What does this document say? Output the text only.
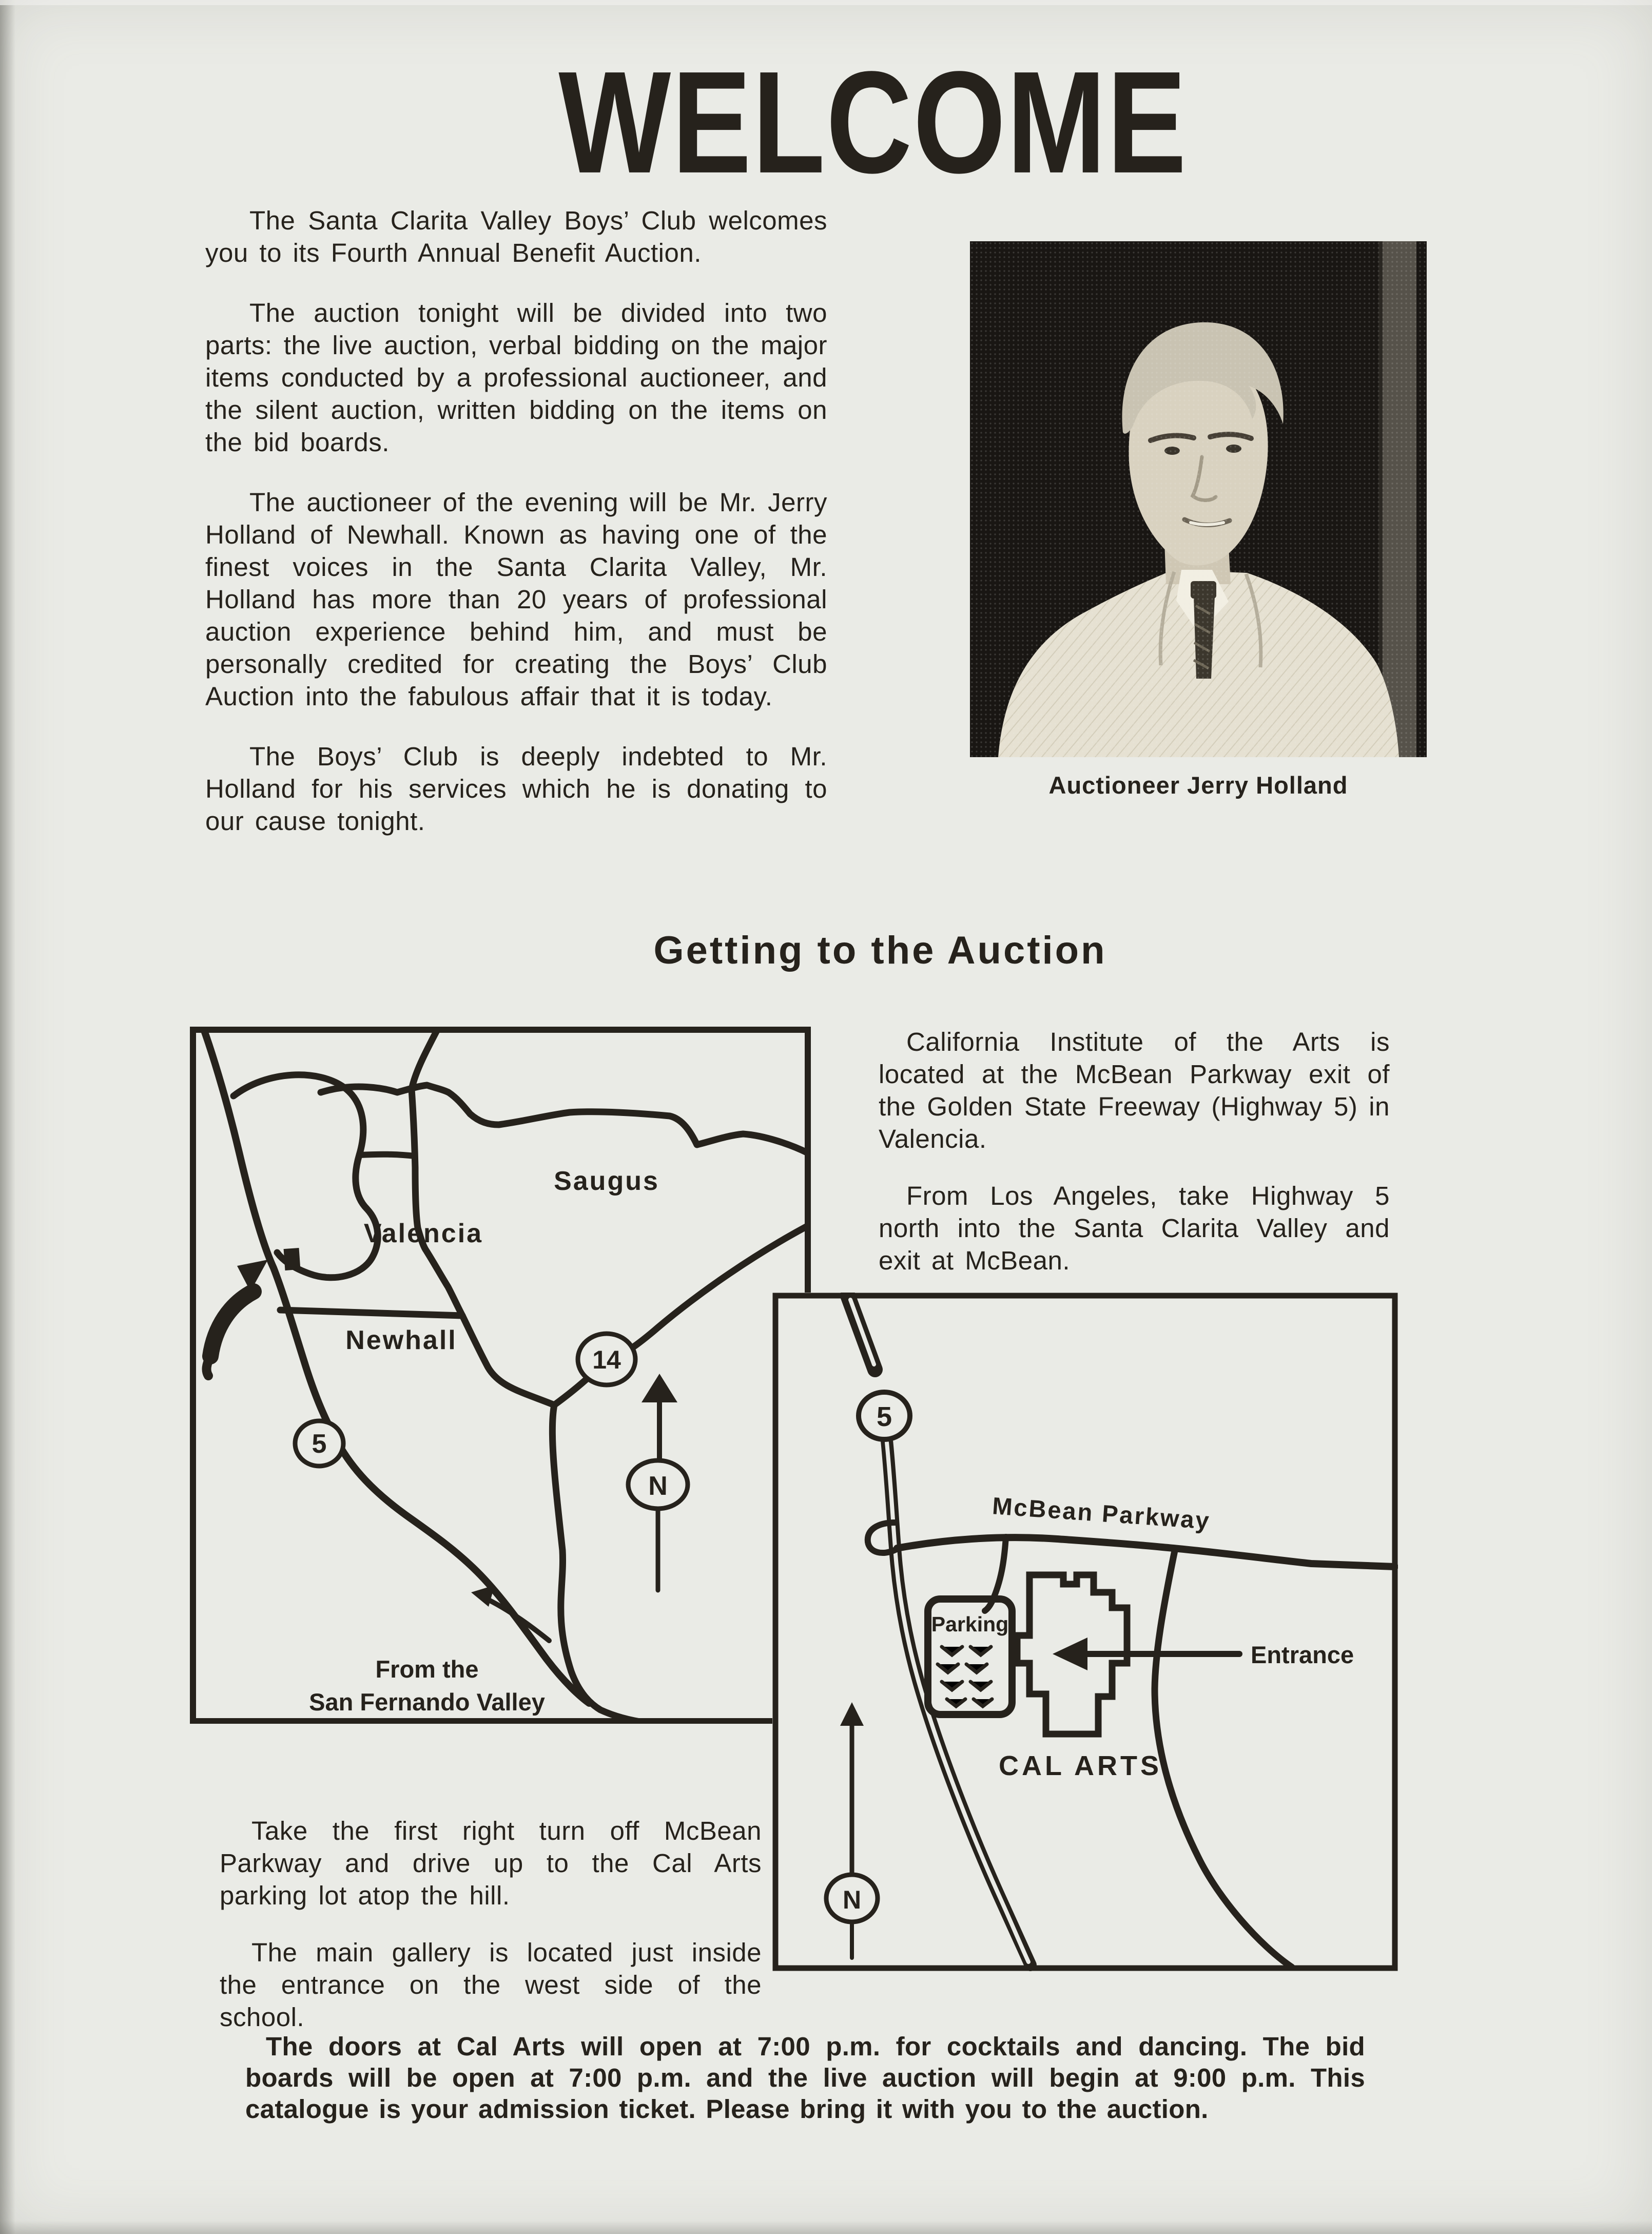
WELCOME

The Santa Clarita Valley Boys’ Club welcomes you to its Fourth Annual Benefit Auction.

The auction tonight will be divided into two parts: the live auction, verbal bidding on the major items conducted by a professional auctioneer, and the silent auction, written bidding on the items on the bid boards.

The auctioneer of the evening will be Mr. Jerry Holland of Newhall. Known as having one of the finest voices in the Santa Clarita Valley, Mr. Holland has more than 20 years of professional auction experience behind him, and must be personally credited for creating the Boys’ Club Auction into the fabulous affair that it is today.

The Boys’ Club is deeply indebted to Mr. Holland for his services which he is donating to our cause tonight.

Auctioneer Jerry Holland
Getting to the Auction

California Institute of the Arts is located at the McBean Parkway exit of the Golden State Freeway (Highway 5) in Valencia.

From Los Angeles, take Highway 5 north into the Santa Clarita Valley and exit at McBean.

5
14
N
Saugus
Valencia
Newhall
From the
San Fernando Valley
5
McBean Parkway
Parking
CAL ARTS
Entrance
N

Take the first right turn off McBean Parkway and drive up to the Cal Arts parking lot atop the hill.

The main gallery is located just inside the entrance on the west side of the school.

The doors at Cal Arts will open at 7:00 p.m. for cocktails and dancing. The bid boards will be open at 7:00 p.m. and the live auction will begin at 9:00 p.m. This catalogue is your admission ticket. Please bring it with you to the auction.
